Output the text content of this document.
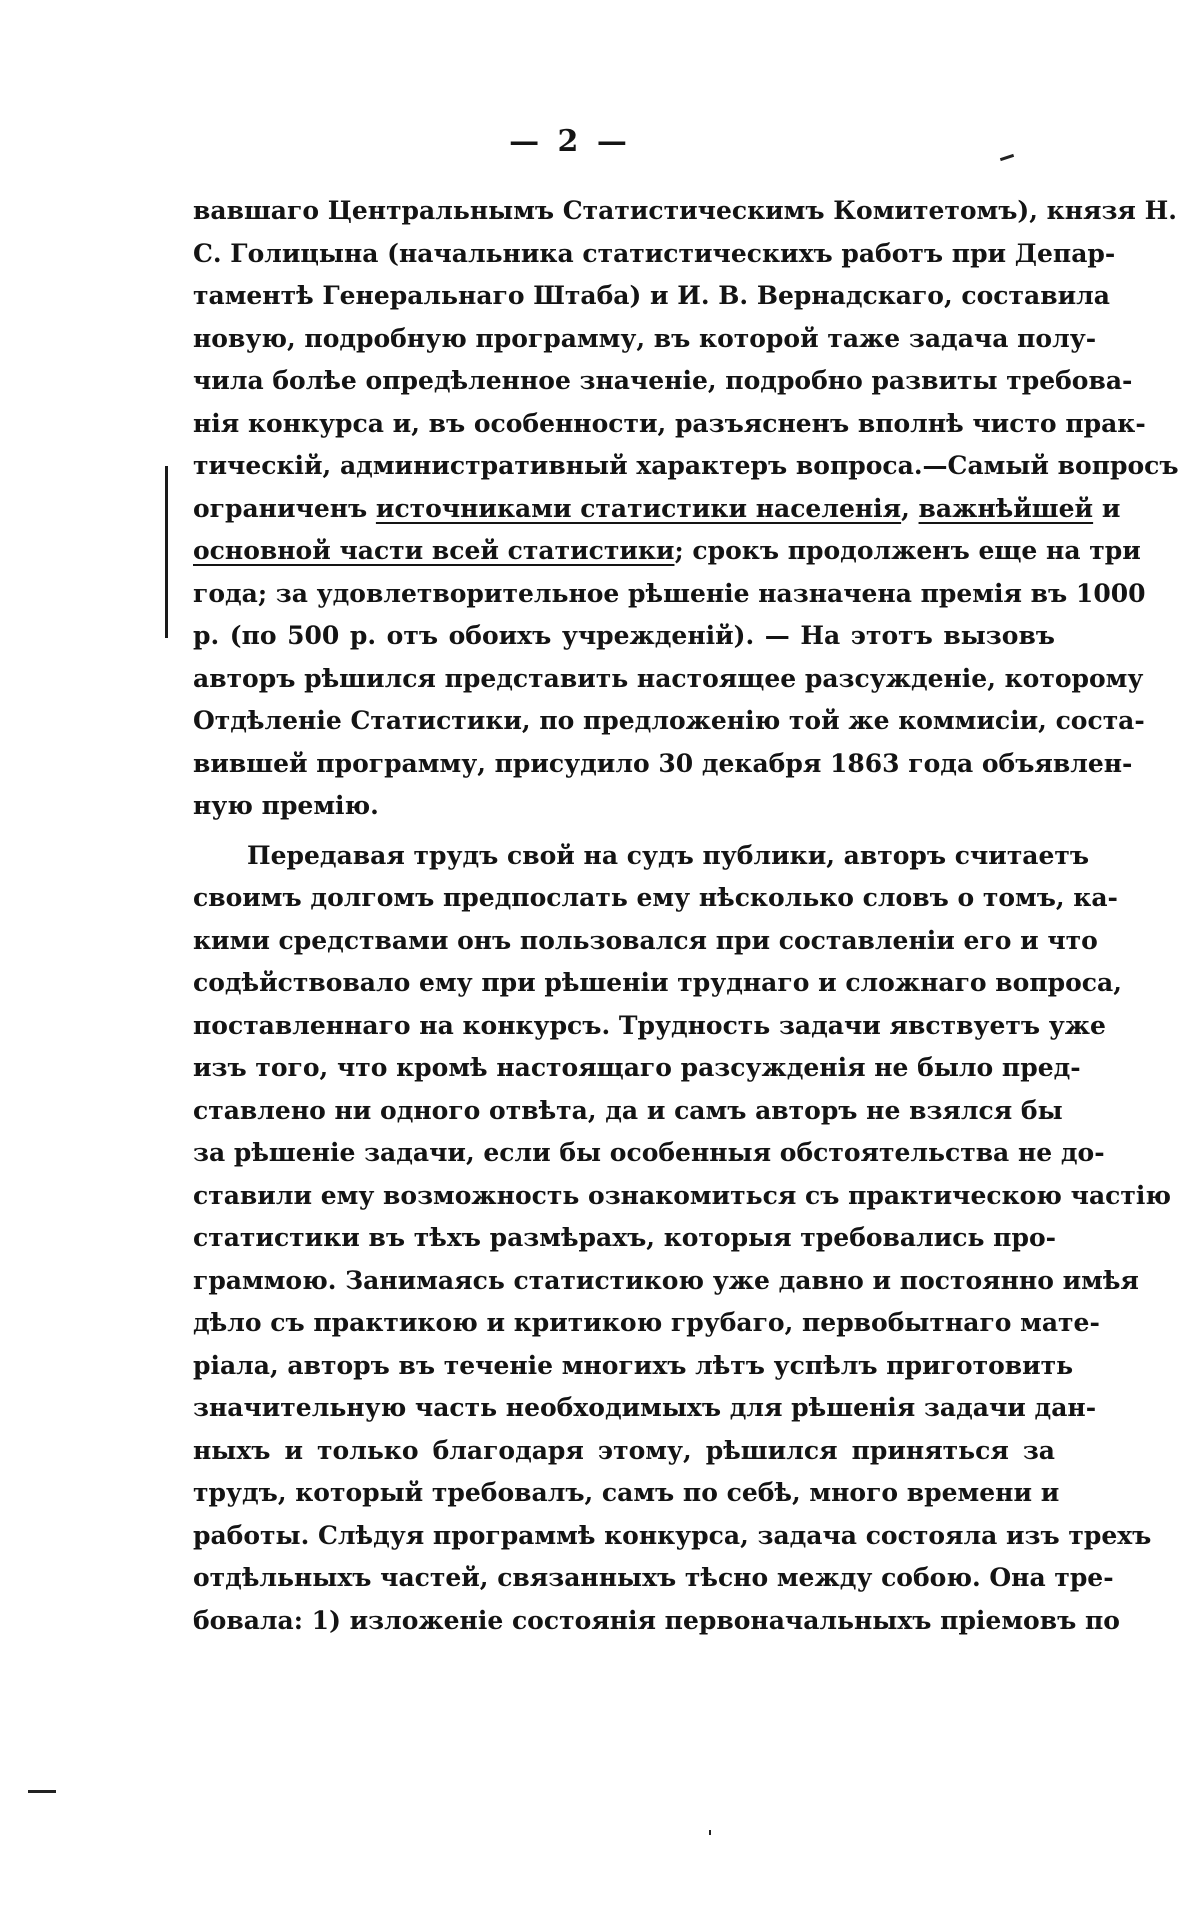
— 2 —
вавшаго Центральнымъ Статистическимъ Комитетомъ), князя Н.
С. Голицына (начальника статистическихъ работъ при Депар-
таментѣ Генеральнаго Штаба) и И. В. Вернадскаго, составила
новую, подробную программу, въ которой таже задача полу-
чила болѣе опредѣленное значеніе, подробно развиты требова-
нія конкурса и, въ особенности, разъясненъ вполнѣ чисто прак-
тическій, административный характеръ вопроса.—Самый вопросъ
ограниченъ источниками статистики населенія, важнѣйшей и
основной части всей статистики; срокъ продолженъ еще на три
года; за удовлетворительное рѣшеніе назначена премія въ 1000
р. (по 500 р. отъ обоихъ учрежденій). — На этотъ вызовъ
авторъ рѣшился представить настоящее разсужденіе, которому
Отдѣленіе Статистики, по предложенію той же коммисіи, соста-
вившей программу, присудило 30 декабря 1863 года объявлен-
ную премію.
Передавая трудъ свой на судъ публики, авторъ считаетъ
своимъ долгомъ предпослать ему нѣсколько словъ о томъ, ка-
кими средствами онъ пользовался при составленіи его и что
содѣйствовало ему при рѣшеніи труднаго и сложнаго вопроса,
поставленнаго на конкурсъ. Трудность задачи явствуетъ уже
изъ того, что кромѣ настоящаго разсужденія не было пред-
ставлено ни одного отвѣта, да и самъ авторъ не взялся бы
за рѣшеніе задачи, если бы особенныя обстоятельства не до-
ставили ему возможность ознакомиться съ практическою частію
статистики въ тѣхъ размѣрахъ, которыя требовались про-
граммою. Занимаясь статистикою уже давно и постоянно имѣя
дѣло съ практикою и критикою грубаго, первобытнаго мате-
ріала, авторъ въ теченіе многихъ лѣтъ успѣлъ приготовить
значительную часть необходимыхъ для рѣшенія задачи дан-
ныхъ и только благодаря этому, рѣшился приняться за
трудъ, который требовалъ, самъ по себѣ, много времени и
работы. Слѣдуя программѣ конкурса, задача состояла изъ трехъ
отдѣльныхъ частей, связанныхъ тѣсно между собою. Она тре-
бовала: 1) изложеніе состоянія первоначальныхъ пріемовъ по
